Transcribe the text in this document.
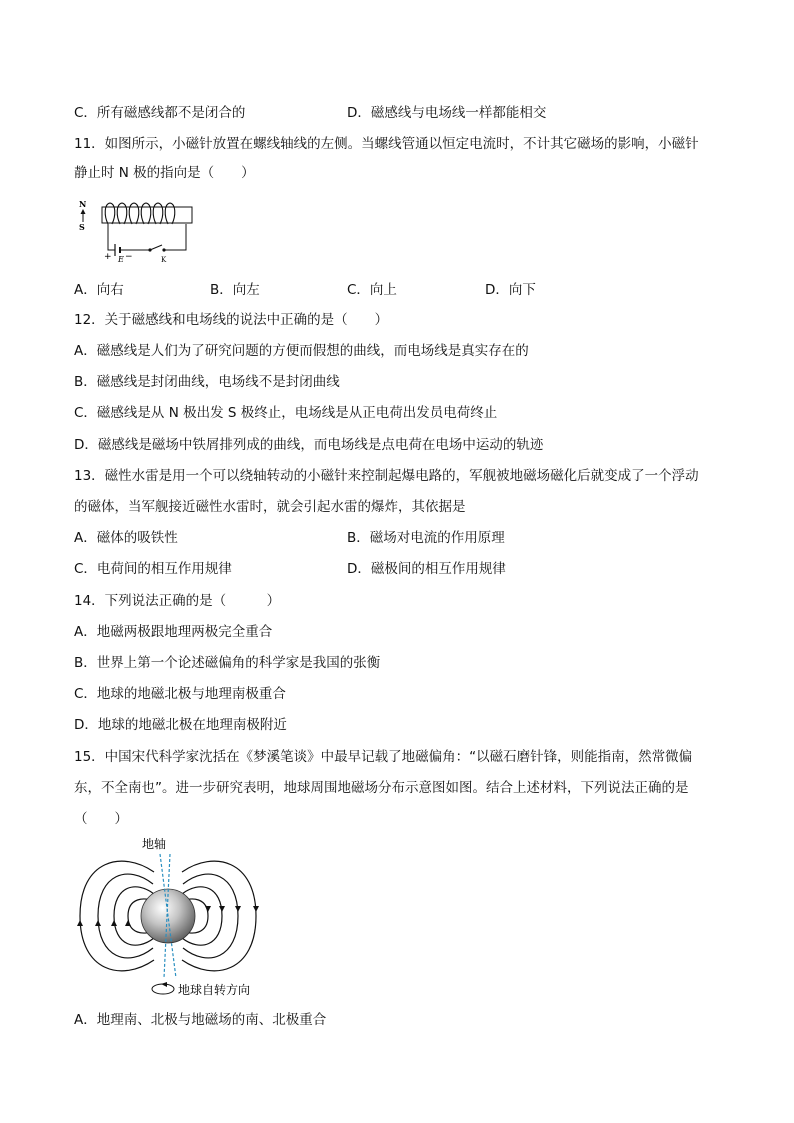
C．所有磁感线都不是闭合的	D．磁感线与电场线一样都能相交
11．如图所示，小磁针放置在螺线轴线的左侧。当螺线管通以恒定电流时，不计其它磁场的影响，小磁针
静止时 N 极的指向是（　　）
N
S
+ E −	K
A．向右	B．向左	C．向上	D．向下
12．关于磁感线和电场线的说法中正确的是（　　）
A．磁感线是人们为了研究问题的方便而假想的曲线，而电场线是真实存在的
B．磁感线是封闭曲线，电场线不是封闭曲线
C．磁感线是从 N 极出发 S 极终止，电场线是从正电荷出发员电荷终止
D．磁感线是磁场中铁屑排列成的曲线，而电场线是点电荷在电场中运动的轨迹
13．磁性水雷是用一个可以绕轴转动的小磁针来控制起爆电路的，军舰被地磁场磁化后就变成了一个浮动
的磁体，当军舰接近磁性水雷时，就会引起水雷的爆炸，其依据是
A．磁体的吸铁性	B．磁场对电流的作用原理
C．电荷间的相互作用规律	D．磁极间的相互作用规律
14．下列说法正确的是（　　　）
A．地磁两极跟地理两极完全重合
B．世界上第一个论述磁偏角的科学家是我国的张衡
C．地球的地磁北极与地理南极重合
D．地球的地磁北极在地理南极附近
15．中国宋代科学家沈括在《梦溪笔谈》中最早记载了地磁偏角：“以磁石磨针锋，则能指南，然常微偏
东，不全南也”。进一步研究表明，地球周围地磁场分布示意图如图。结合上述材料，下列说法正确的是
（　　）
地轴
地球自转方向
A．地理南、北极与地磁场的南、北极重合
